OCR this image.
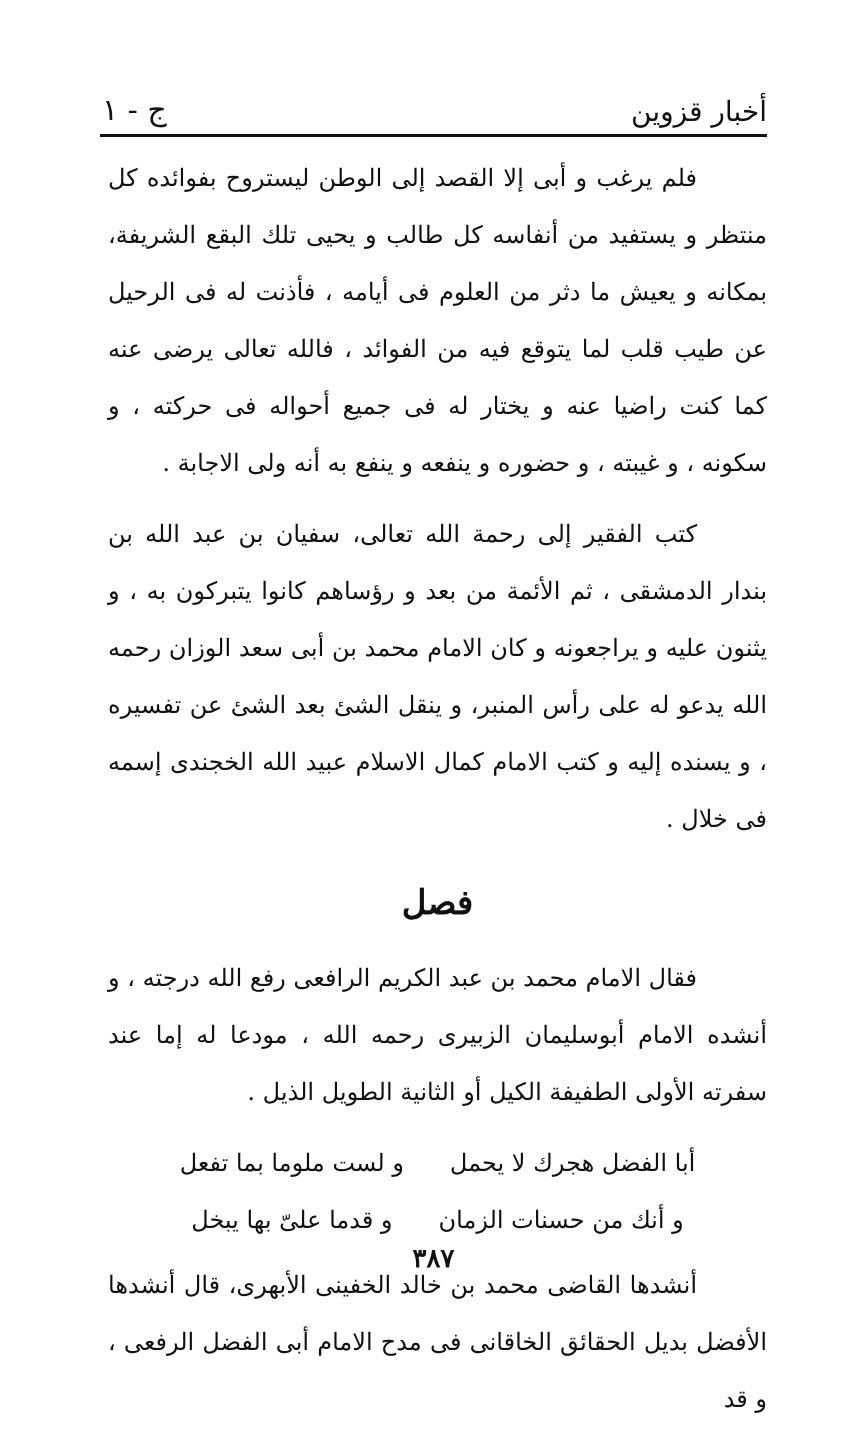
أخبار قزوين
ج - ١

فلم يرغب و أبى إلا القصد إلى الوطن ليستروح بفوائده كل منتظر و يستفيد من أنفاسه كل طالب و يحيى تلك البقع الشريفة، بمكانه و يعيش ما دثر من العلوم فى أيامه ، فأذنت له فى الرحيل عن طيب قلب لما يتوقع فيه من الفوائد ، فالله تعالى يرضى عنه كما كنت راضيا عنه و يختار له فى جميع أحواله فى حركته ، و سكونه ، و غيبته ، و حضوره و ينفعه و ينفع به أنه ولى الاجابة .

كتب الفقير إلى رحمة الله تعالى، سفيان بن عبد الله بن بندار الدمشقى ، ثم الأئمة من بعد و رؤساهم كانوا يتبركون به ، و يثنون عليه و يراجعونه و كان الامام محمد بن أبى سعد الوزان رحمه الله يدعو له على رأس المنبر، و ينقل الشئ بعد الشئ عن تفسيره ، و يسنده إليه و كتب الامام كمال الاسلام عبيد الله الخجندى إسمه فى خلال .

فصل

فقال الامام محمد بن عبد الكريم الرافعى رفع الله درجته ، و أنشده الامام أبوسليمان الزبيرى رحمه الله ، مودعا له إما عند سفرته الأولى الطفيفة الكيل أو الثانية الطويل الذيل .

أبا الفضل هجرك لا يحمل
و لست ملوما بما تفعل
و أنك من حسنات الزمان
و قدما علىّ بها يبخل

أنشدها القاضى محمد بن خالد الخفينى الأبهرى، قال أنشدها الأفضل بديل الحقائق الخاقانى فى مدح الامام أبى الفضل الرفعى ، و قد

٣٨٧
